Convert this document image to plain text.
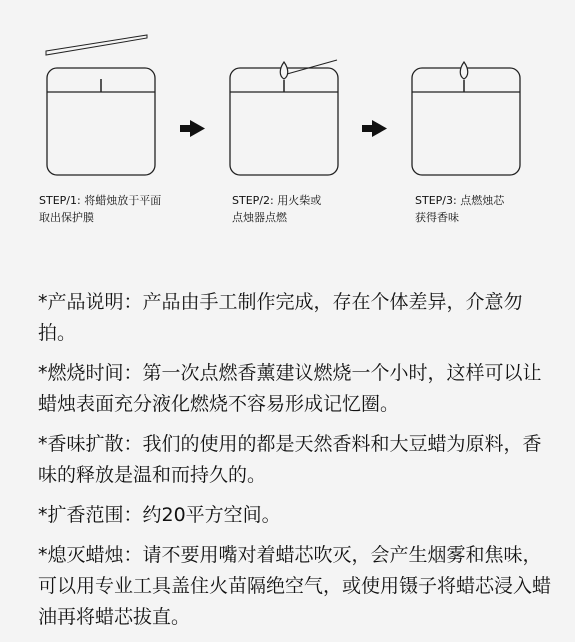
STEP/1: 将蜡烛放于平面
取出保护膜
STEP/2: 用火柴或
点烛器点燃
STEP/3: 点燃烛芯
获得香味

*产品说明：产品由手工制作完成，存在个体差异，介意勿拍。

*燃烧时间：第一次点燃香薰建议燃烧一个小时，这样可以让蜡烛表面充分液化燃烧不容易形成记忆圈。

*香味扩散：我们的使用的都是天然香料和大豆蜡为原料，香味的释放是温和而持久的。

*扩香范围：约20平方空间。

*熄灭蜡烛：请不要用嘴对着蜡芯吹灭，会产生烟雾和焦味，可以用专业工具盖住火苗隔绝空气，或使用镊子将蜡芯浸入蜡油再将蜡芯拔直。
